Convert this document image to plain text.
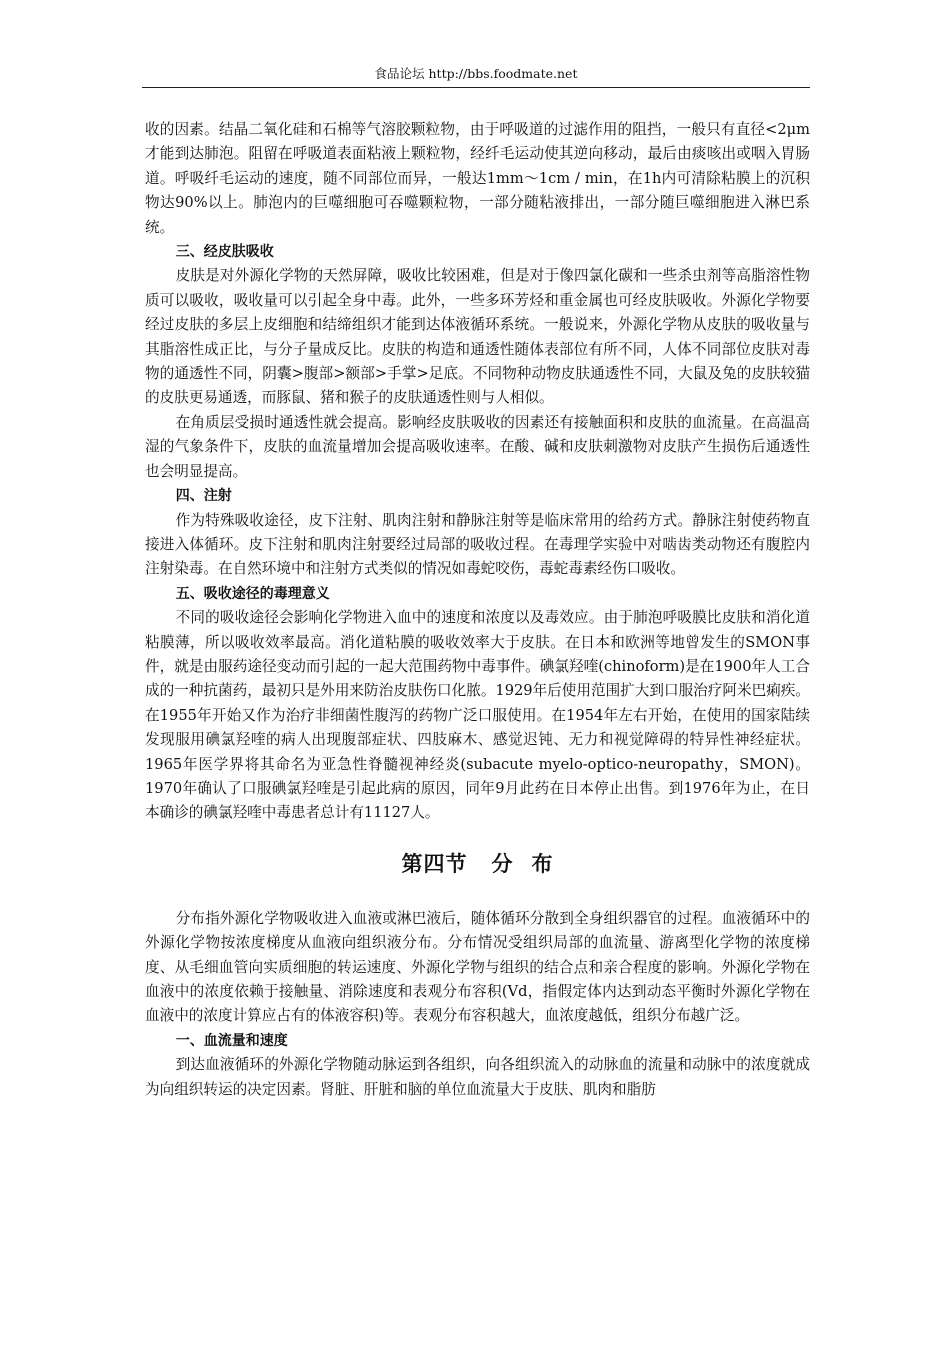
食品论坛 http://bbs.foodmate.net

收的因素。结晶二氧化硅和石棉等气溶胶颗粒物，由于呼吸道的过滤作用的阻挡，一般只有直径<2μm才能到达肺泡。阻留在呼吸道表面粘液上颗粒物，经纤毛运动使其逆向移动，最后由痰咳出或咽入胃肠道。呼吸纤毛运动的速度，随不同部位而异，一般达1mm～1cm / min，在1h内可清除粘膜上的沉积物达90%以上。肺泡内的巨噬细胞可吞噬颗粒物，一部分随粘液排出，一部分随巨噬细胞进入淋巴系统。

三、经皮肤吸收

皮肤是对外源化学物的天然屏障，吸收比较困难，但是对于像四氯化碳和一些杀虫剂等高脂溶性物质可以吸收，吸收量可以引起全身中毒。此外，一些多环芳烃和重金属也可经皮肤吸收。外源化学物要经过皮肤的多层上皮细胞和结缔组织才能到达体液循环系统。一般说来，外源化学物从皮肤的吸收量与其脂溶性成正比，与分子量成反比。皮肤的构造和通透性随体表部位有所不同，人体不同部位皮肤对毒物的通透性不同，阴囊>腹部>额部>手掌>足底。不同物种动物皮肤通透性不同，大鼠及兔的皮肤较猫的皮肤更易通透，而豚鼠、猪和猴子的皮肤通透性则与人相似。

在角质层受损时通透性就会提高。影响经皮肤吸收的因素还有接触面积和皮肤的血流量。在高温高湿的气象条件下，皮肤的血流量增加会提高吸收速率。在酸、碱和皮肤刺激物对皮肤产生损伤后通透性也会明显提高。

四、注射

作为特殊吸收途径，皮下注射、肌肉注射和静脉注射等是临床常用的给药方式。静脉注射使药物直接进入体循环。皮下注射和肌肉注射要经过局部的吸收过程。在毒理学实验中对啮齿类动物还有腹腔内注射染毒。在自然环境中和注射方式类似的情况如毒蛇咬伤，毒蛇毒素经伤口吸收。

五、吸收途径的毒理意义

不同的吸收途径会影响化学物进入血中的速度和浓度以及毒效应。由于肺泡呼吸膜比皮肤和消化道粘膜薄，所以吸收效率最高。消化道粘膜的吸收效率大于皮肤。在日本和欧洲等地曾发生的SMON事件，就是由服药途径变动而引起的一起大范围药物中毒事件。碘氯羟喹(chinoform)是在1900年人工合成的一种抗菌药，最初只是外用来防治皮肤伤口化脓。1929年后使用范围扩大到口服治疗阿米巴痢疾。在1955年开始又作为治疗非细菌性腹泻的药物广泛口服使用。在1954年左右开始，在使用的国家陆续发现服用碘氯羟喹的病人出现腹部症状、四肢麻木、感觉迟钝、无力和视觉障碍的特异性神经症状。1965年医学界将其命名为亚急性脊髓视神经炎(subacute myelo-optico-neuropathy，SMON)。1970年确认了口服碘氯羟喹是引起此病的原因，同年9月此药在日本停止出售。到1976年为止，在日本确诊的碘氯羟喹中毒患者总计有11127人。

第四节 分 布

分布指外源化学物吸收进入血液或淋巴液后，随体循环分散到全身组织器官的过程。血液循环中的外源化学物按浓度梯度从血液向组织液分布。分布情况受组织局部的血流量、游离型化学物的浓度梯度、从毛细血管向实质细胞的转运速度、外源化学物与组织的结合点和亲合程度的影响。外源化学物在血液中的浓度依赖于接触量、消除速度和表观分布容积(Vd，指假定体内达到动态平衡时外源化学物在血液中的浓度计算应占有的体液容积)等。表观分布容积越大，血浓度越低，组织分布越广泛。

一、血流量和速度

到达血液循环的外源化学物随动脉运到各组织，向各组织流入的动脉血的流量和动脉中的浓度就成为向组织转运的决定因素。肾脏、肝脏和脑的单位血流量大于皮肤、肌肉和脂肪
